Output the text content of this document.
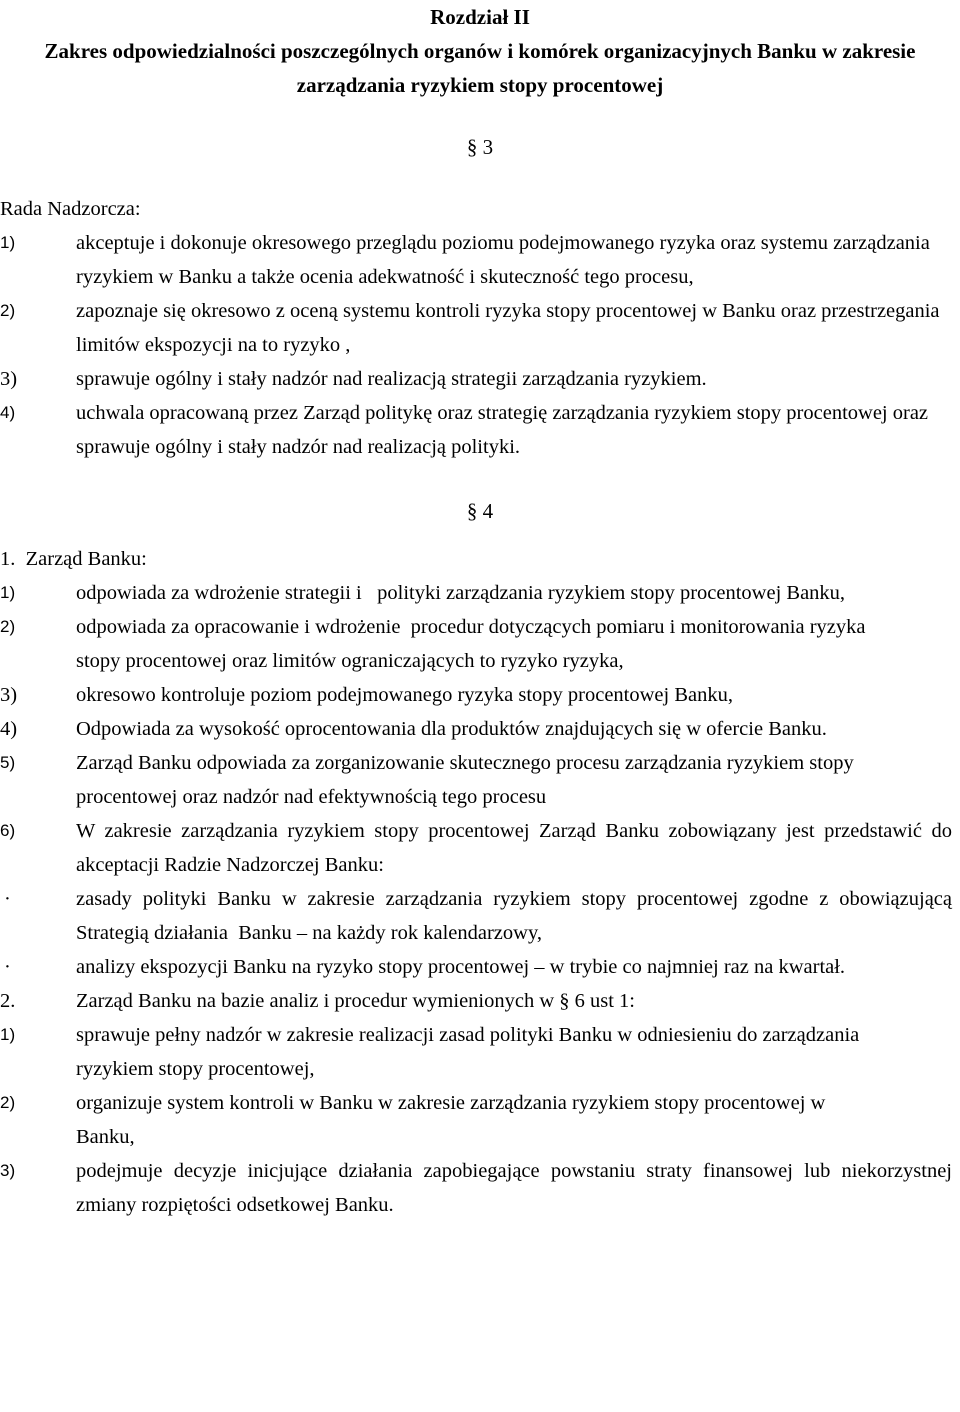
Rozdział II
Zakres odpowiedzialności poszczególnych organów i komórek organizacyjnych Banku w zakresie zarządzania ryzykiem stopy procentowej
§ 3
Rada Nadzorcza:
1)	akceptuje i dokonuje okresowego przeglądu poziomu podejmowanego ryzyka oraz systemu zarządzania ryzykiem w Banku a także ocenia adekwatność i skuteczność tego procesu,
2)	zapoznaje się okresowo z oceną systemu kontroli ryzyka stopy procentowej w Banku oraz przestrzegania limitów ekspozycji na to ryzyko ,
3)	sprawuje ogólny i stały nadzór nad realizacją strategii zarządzania ryzykiem.
4)	uchwala opracowaną przez Zarząd politykę oraz strategię zarządzania ryzykiem stopy procentowej oraz sprawuje ogólny i stały nadzór nad realizacją polityki.
§ 4
1.  Zarząd Banku:
1)	odpowiada za wdrożenie strategii i   polityki zarządzania ryzykiem stopy procentowej Banku,
2)	odpowiada za opracowanie i wdrożenie  procedur dotyczących pomiaru i monitorowania ryzyka stopy procentowej oraz limitów ograniczających to ryzyko ryzyka,
3)	okresowo kontroluje poziom podejmowanego ryzyka stopy procentowej Banku,
4)	Odpowiada za wysokość oprocentowania dla produktów znajdujących się w ofercie Banku.
5)	Zarząd Banku odpowiada za zorganizowanie skutecznego procesu zarządzania ryzykiem stopy procentowej oraz nadzór nad efektywnością tego procesu
6)	W zakresie zarządzania ryzykiem stopy procentowej Zarząd Banku zobowiązany jest przedstawić do akceptacji Radzie Nadzorczej Banku:
·	zasady polityki Banku w zakresie zarządzania ryzykiem stopy procentowej zgodne z obowiązującą Strategią działania  Banku – na każdy rok kalendarzowy,
·	analizy ekspozycji Banku na ryzyko stopy procentowej – w trybie co najmniej raz na kwartał.
2.	Zarząd Banku na bazie analiz i procedur wymienionych w § 6 ust 1:
1)	sprawuje pełny nadzór w zakresie realizacji zasad polityki Banku w odniesieniu do zarządzania ryzykiem stopy procentowej,
2)	organizuje system kontroli w Banku w zakresie zarządzania ryzykiem stopy procentowej w Banku,
3)	podejmuje decyzje inicjujące działania zapobiegające powstaniu straty finansowej lub niekorzystnej zmiany rozpiętości odsetkowej Banku.
